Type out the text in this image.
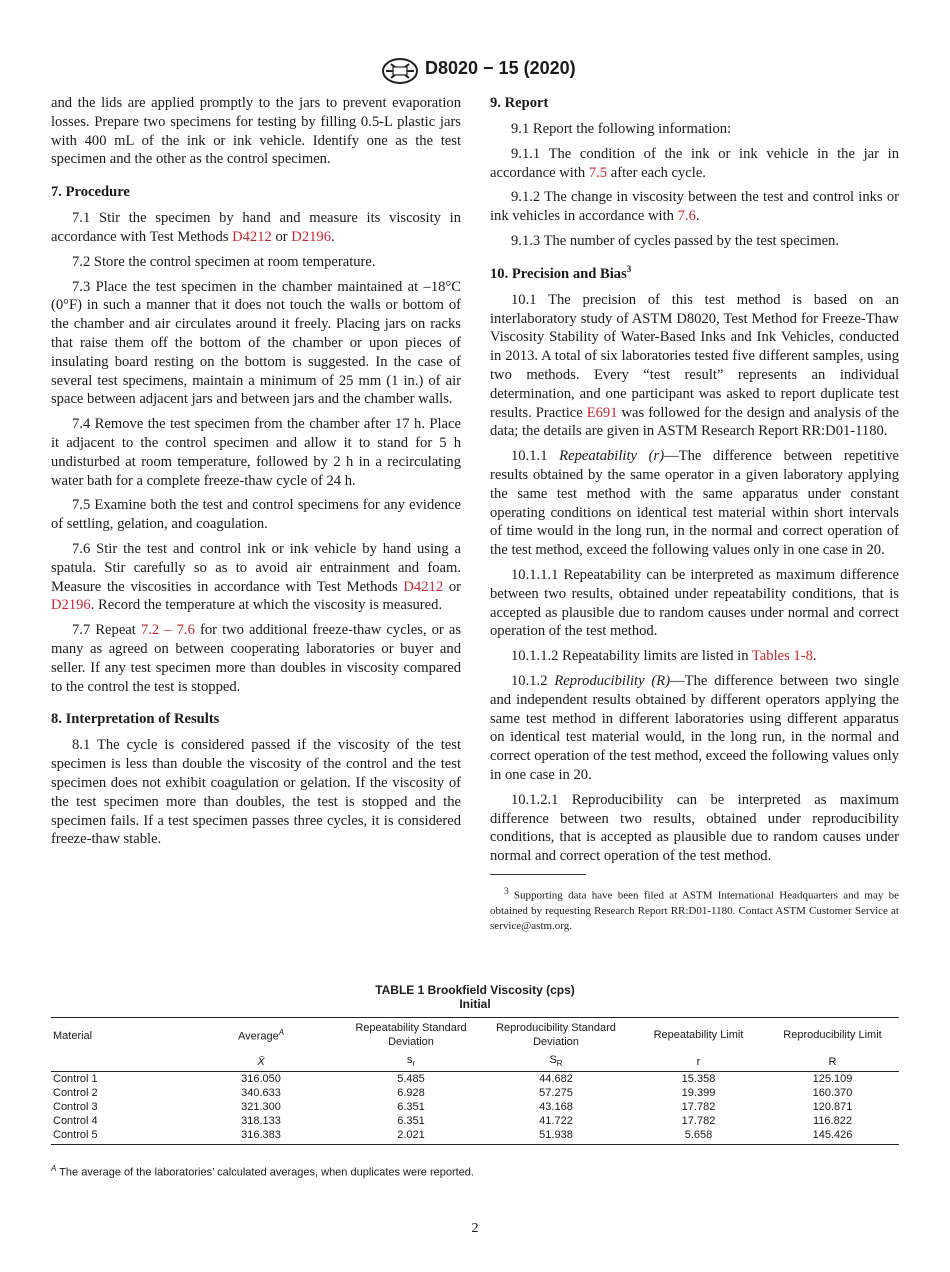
D8020 − 15 (2020)

and the lids are applied promptly to the jars to prevent evaporation losses. Prepare two specimens for testing by filling 0.5-L plastic jars with 400 mL of the ink or ink vehicle. Identify one as the test specimen and the other as the control specimen.

7. Procedure

7.1 Stir the specimen by hand and measure its viscosity in accordance with Test Methods D4212 or D2196.

7.2 Store the control specimen at room temperature.

7.3 Place the test specimen in the chamber maintained at –18°C (0°F) in such a manner that it does not touch the walls or bottom of the chamber and air circulates around it freely. Placing jars on racks that raise them off the bottom of the chamber or upon pieces of insulating board resting on the bottom is suggested. In the case of several test specimens, maintain a minimum of 25 mm (1 in.) of air space between adjacent jars and between jars and the chamber walls.

7.4 Remove the test specimen from the chamber after 17 h. Place it adjacent to the control specimen and allow it to stand for 5 h undisturbed at room temperature, followed by 2 h in a recirculating water bath for a complete freeze-thaw cycle of 24 h.

7.5 Examine both the test and control specimens for any evidence of settling, gelation, and coagulation.

7.6 Stir the test and control ink or ink vehicle by hand using a spatula. Stir carefully so as to avoid air entrainment and foam. Measure the viscosities in accordance with Test Methods D4212 or D2196. Record the temperature at which the viscosity is measured.

7.7 Repeat 7.2 – 7.6 for two additional freeze-thaw cycles, or as many as agreed on between cooperating laboratories or buyer and seller. If any test specimen more than doubles in viscosity compared to the control the test is stopped.

8. Interpretation of Results

8.1 The cycle is considered passed if the viscosity of the test specimen is less than double the viscosity of the control and the test specimen does not exhibit coagulation or gelation. If the viscosity of the test specimen more than doubles, the test is stopped and the specimen fails. If a test specimen passes three cycles, it is considered freeze-thaw stable.

9. Report

9.1 Report the following information:

9.1.1 The condition of the ink or ink vehicle in the jar in accordance with 7.5 after each cycle.

9.1.2 The change in viscosity between the test and control inks or ink vehicles in accordance with 7.6.

9.1.3 The number of cycles passed by the test specimen.

10. Precision and Bias$^3$

10.1 The precision of this test method is based on an interlaboratory study of ASTM D8020, Test Method for Freeze-Thaw Viscosity Stability of Water-Based Inks and Ink Vehicles, conducted in 2013. A total of six laboratories tested five different samples, using two methods. Every “test result” represents an individual determination, and one participant was asked to report duplicate test results. Practice E691 was followed for the design and analysis of the data; the details are given in ASTM Research Report RR:D01-1180.

10.1.1 Repeatability (r)—The difference between repetitive results obtained by the same operator in a given laboratory applying the same test method with the same apparatus under constant operating conditions on identical test material within short intervals of time would in the long run, in the normal and correct operation of the test method, exceed the following values only in one case in 20.

10.1.1.1 Repeatability can be interpreted as maximum difference between two results, obtained under repeatability conditions, that is accepted as plausible due to random causes under normal and correct operation of the test method.

10.1.1.2 Repeatability limits are listed in Tables 1-8.

10.1.2 Reproducibility (R)—The difference between two single and independent results obtained by different operators applying the same test method in different laboratories using different apparatus on identical test material would, in the long run, in the normal and correct operation of the test method, exceed the following values only in one case in 20.

10.1.2.1 Reproducibility can be interpreted as maximum difference between two results, obtained under reproducibility conditions, that is accepted as plausible due to random causes under normal and correct operation of the test method.

$^3$ Supporting data have been filed at ASTM International Headquarters and may be obtained by requesting Research Report RR:D01-1180. Contact ASTM Customer Service at service@astm.org.

TABLE 1 Brookfield Viscosity (cps)
Initial
Material	Average$^A$	Repeatability Standard Deviation	Reproducibility Standard Deviation	Repeatability Limit	Reproducibility Limit
	X̄	$s_r$	$S_R$	r	R
Control 1	316.050	5.485	44.682	15.358	125.109
Control 2	340.633	6.928	57.275	19.399	160.370
Control 3	321.300	6.351	43.168	17.782	120.871
Control 4	318.133	6.351	41.722	17.782	116.822
Control 5	316.383	2.021	51.938	5.658	145.426
$^A$ The average of the laboratories’ calculated averages, when duplicates were reported.
2
